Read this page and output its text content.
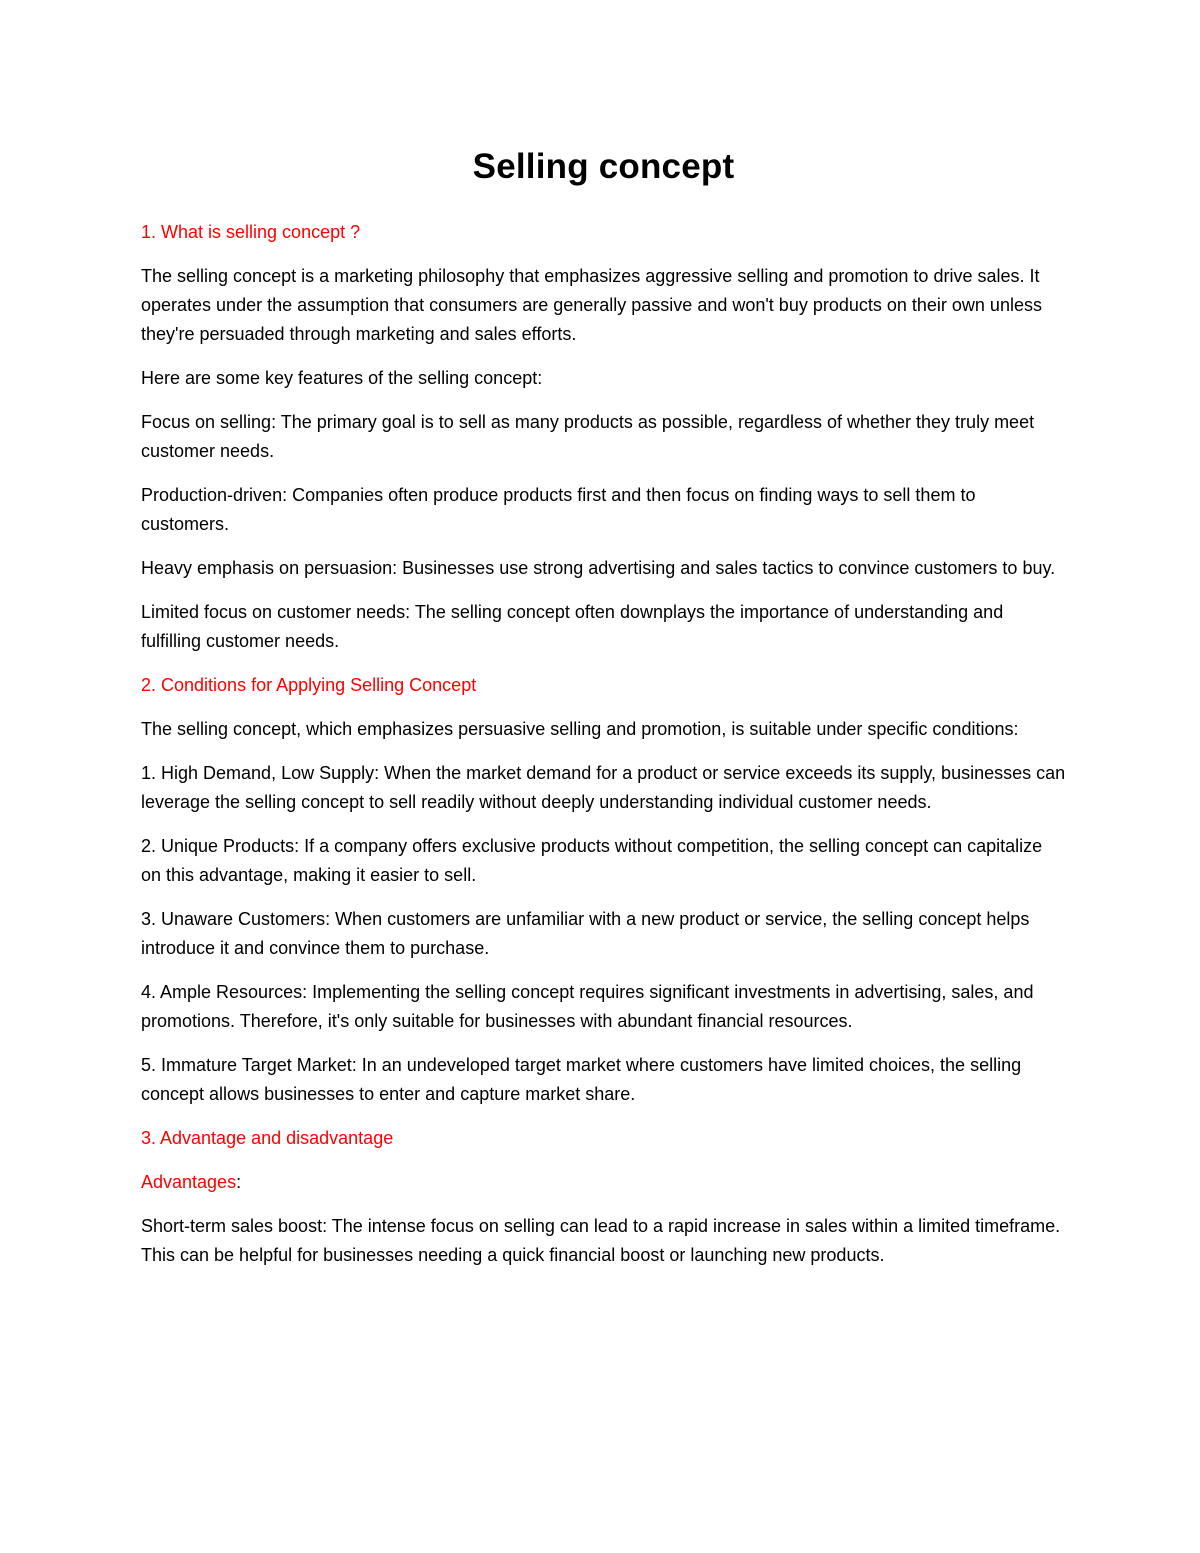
Selling concept
1. What is selling concept ?

The selling concept is a marketing philosophy that emphasizes aggressive selling and promotion to drive sales. It operates under the assumption that consumers are generally passive and won't buy products on their own unless they're persuaded through marketing and sales efforts.

Here are some key features of the selling concept:

Focus on selling: The primary goal is to sell as many products as possible, regardless of whether they truly meet customer needs.

Production-driven: Companies often produce products first and then focus on finding ways to sell them to customers.

Heavy emphasis on persuasion: Businesses use strong advertising and sales tactics to convince customers to buy.

Limited focus on customer needs: The selling concept often downplays the importance of understanding and fulfilling customer needs.

2. Conditions for Applying Selling Concept

The selling concept, which emphasizes persuasive selling and promotion, is suitable under specific conditions:

1. High Demand, Low Supply: When the market demand for a product or service exceeds its supply, businesses can leverage the selling concept to sell readily without deeply understanding individual customer needs.

2. Unique Products: If a company offers exclusive products without competition, the selling concept can capitalize on this advantage, making it easier to sell.

3. Unaware Customers: When customers are unfamiliar with a new product or service, the selling concept helps introduce it and convince them to purchase.

4. Ample Resources: Implementing the selling concept requires significant investments in advertising, sales, and promotions. Therefore, it's only suitable for businesses with abundant financial resources.

5. Immature Target Market: In an undeveloped target market where customers have limited choices, the selling concept allows businesses to enter and capture market share.

3. Advantage and disadvantage
Advantages:

Short-term sales boost: The intense focus on selling can lead to a rapid increase in sales within a limited timeframe. This can be helpful for businesses needing a quick financial boost or launching new products.
